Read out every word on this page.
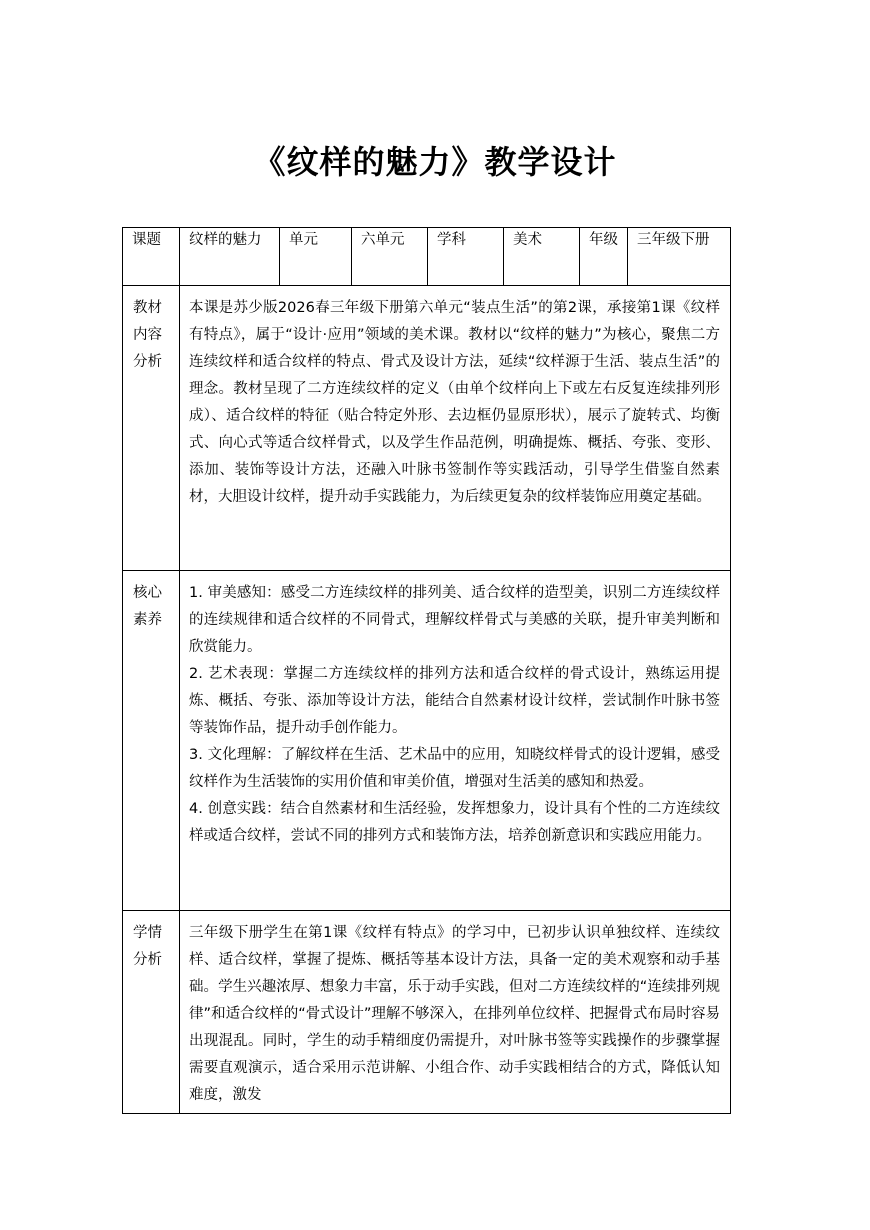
《纹样的魅力》教学设计
课题	纹样的魅力	单元	六单元	学科	美术	年级	三年级下册

教材内容分析	本课是苏少版2026春三年级下册第六单元“装点生活”的第2课，承接第1课《纹样有特点》，属于“设计·应用”领域的美术课。教材以“纹样的魅力”为核心，聚焦二方连续纹样和适合纹样的特点、骨式及设计方法，延续“纹样源于生活、装点生活”的理念。教材呈现了二方连续纹样的定义（由单个纹样向上下或左右反复连续排列形成）、适合纹样的特征（贴合特定外形、去边框仍显原形状），展示了旋转式、均衡式、向心式等适合纹样骨式，以及学生作品范例，明确提炼、概括、夸张、变形、添加、装饰等设计方法，还融入叶脉书签制作等实践活动，引导学生借鉴自然素材，大胆设计纹样，提升动手实践能力，为后续更复杂的纹样装饰应用奠定基础。						

核心素养	1. 审美感知：感受二方连续纹样的排列美、适合纹样的造型美，识别二方连续纹样的连续规律和适合纹样的不同骨式，理解纹样骨式与美感的关联，提升审美判断和欣赏能力。

2. 艺术表现：掌握二方连续纹样的排列方法和适合纹样的骨式设计，熟练运用提炼、概括、夸张、添加等设计方法，能结合自然素材设计纹样，尝试制作叶脉书签等装饰作品，提升动手创作能力。

3. 文化理解：了解纹样在生活、艺术品中的应用，知晓纹样骨式的设计逻辑，感受纹样作为生活装饰的实用价值和审美价值，增强对生活美的感知和热爱。

4. 创意实践：结合自然素材和生活经验，发挥想象力，设计具有个性的二方连续纹样或适合纹样，尝试不同的排列方式和装饰方法，培养创新意识和实践应用能力。						

学情分析	三年级下册学生在第1课《纹样有特点》的学习中，已初步认识单独纹样、连续纹样、适合纹样，掌握了提炼、概括等基本设计方法，具备一定的美术观察和动手基础。学生兴趣浓厚、想象力丰富，乐于动手实践，但对二方连续纹样的“连续排列规律”和适合纹样的“骨式设计”理解不够深入，在排列单位纹样、把握骨式布局时容易出现混乱。同时，学生的动手精细度仍需提升，对叶脉书签等实践操作的步骤掌握需要直观演示，适合采用示范讲解、小组合作、动手实践相结合的方式，降低认知难度，激发						
